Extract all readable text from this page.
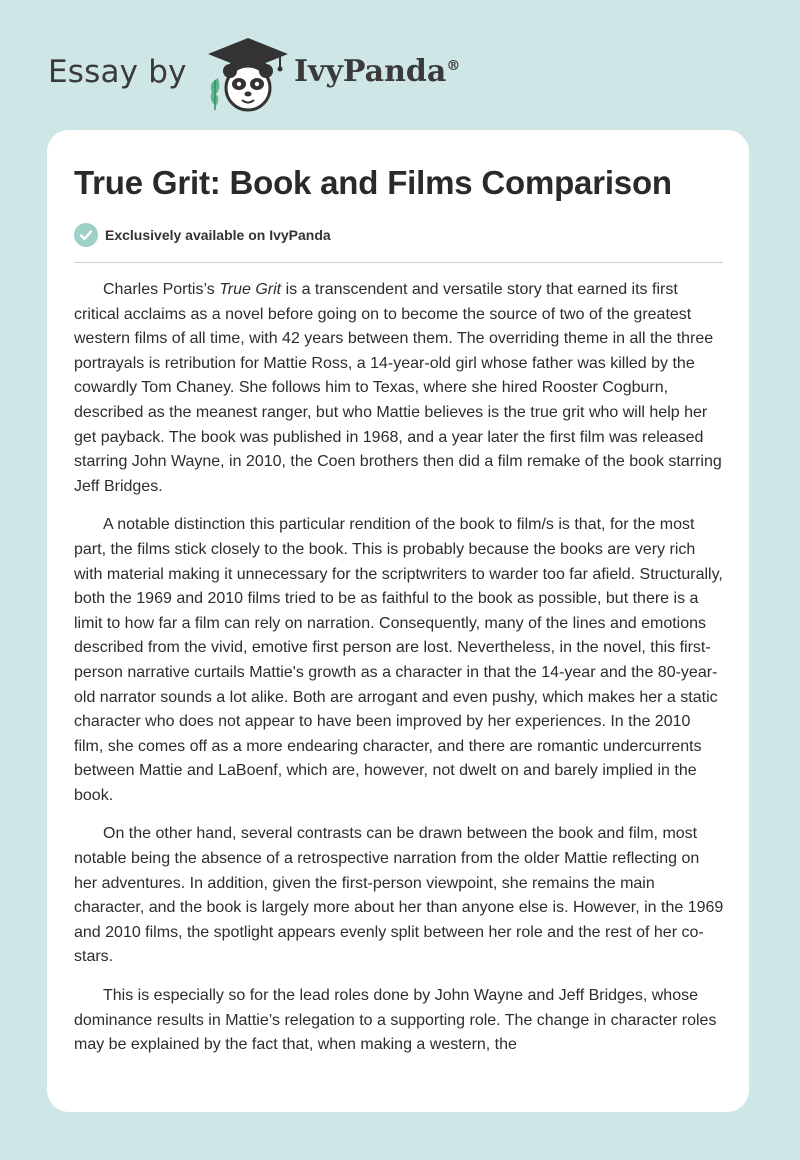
Essay by	IvyPanda®
True Grit: Book and Films Comparison
Exclusively available on IvyPanda

Charles Portis’s True Grit is a transcendent and versatile story that earned its first critical acclaims as a novel before going on to become the source of two of the greatest western films of all time, with 42 years between them. The overriding theme in all the three portrayals is retribution for Mattie Ross, a 14-year-old girl whose father was killed by the cowardly Tom Chaney. She follows him to Texas, where she hired Rooster Cogburn, described as the meanest ranger, but who Mattie believes is the true grit who will help her get payback. The book was published in 1968, and a year later the first film was released starring John Wayne, in 2010, the Coen brothers then did a film remake of the book starring Jeff Bridges.

A notable distinction this particular rendition of the book to film/s is that, for the most part, the films stick closely to the book. This is probably because the books are very rich with material making it unnecessary for the scriptwriters to warder too far afield. Structurally, both the 1969 and 2010 films tried to be as faithful to the book as possible, but there is a limit to how far a film can rely on narration. Consequently, many of the lines and emotions described from the vivid, emotive first person are lost. Nevertheless, in the novel, this first-person narrative curtails Mattie's growth as a character in that the 14-year and the 80-year-old narrator sounds a lot alike. Both are arrogant and even pushy, which makes her a static character who does not appear to have been improved by her experiences. In the 2010 film, she comes off as a more endearing character, and there are romantic undercurrents between Mattie and LaBoenf, which are, however, not dwelt on and barely implied in the book.

On the other hand, several contrasts can be drawn between the book and film, most notable being the absence of a retrospective narration from the older Mattie reflecting on her adventures. In addition, given the first-person viewpoint, she remains the main character, and the book is largely more about her than anyone else is. However, in the 1969 and 2010 films, the spotlight appears evenly split between her role and the rest of her co-stars.

This is especially so for the lead roles done by John Wayne and Jeff Bridges, whose dominance results in Mattie’s relegation to a supporting role. The change in character roles may be explained by the fact that, when making a western, the
